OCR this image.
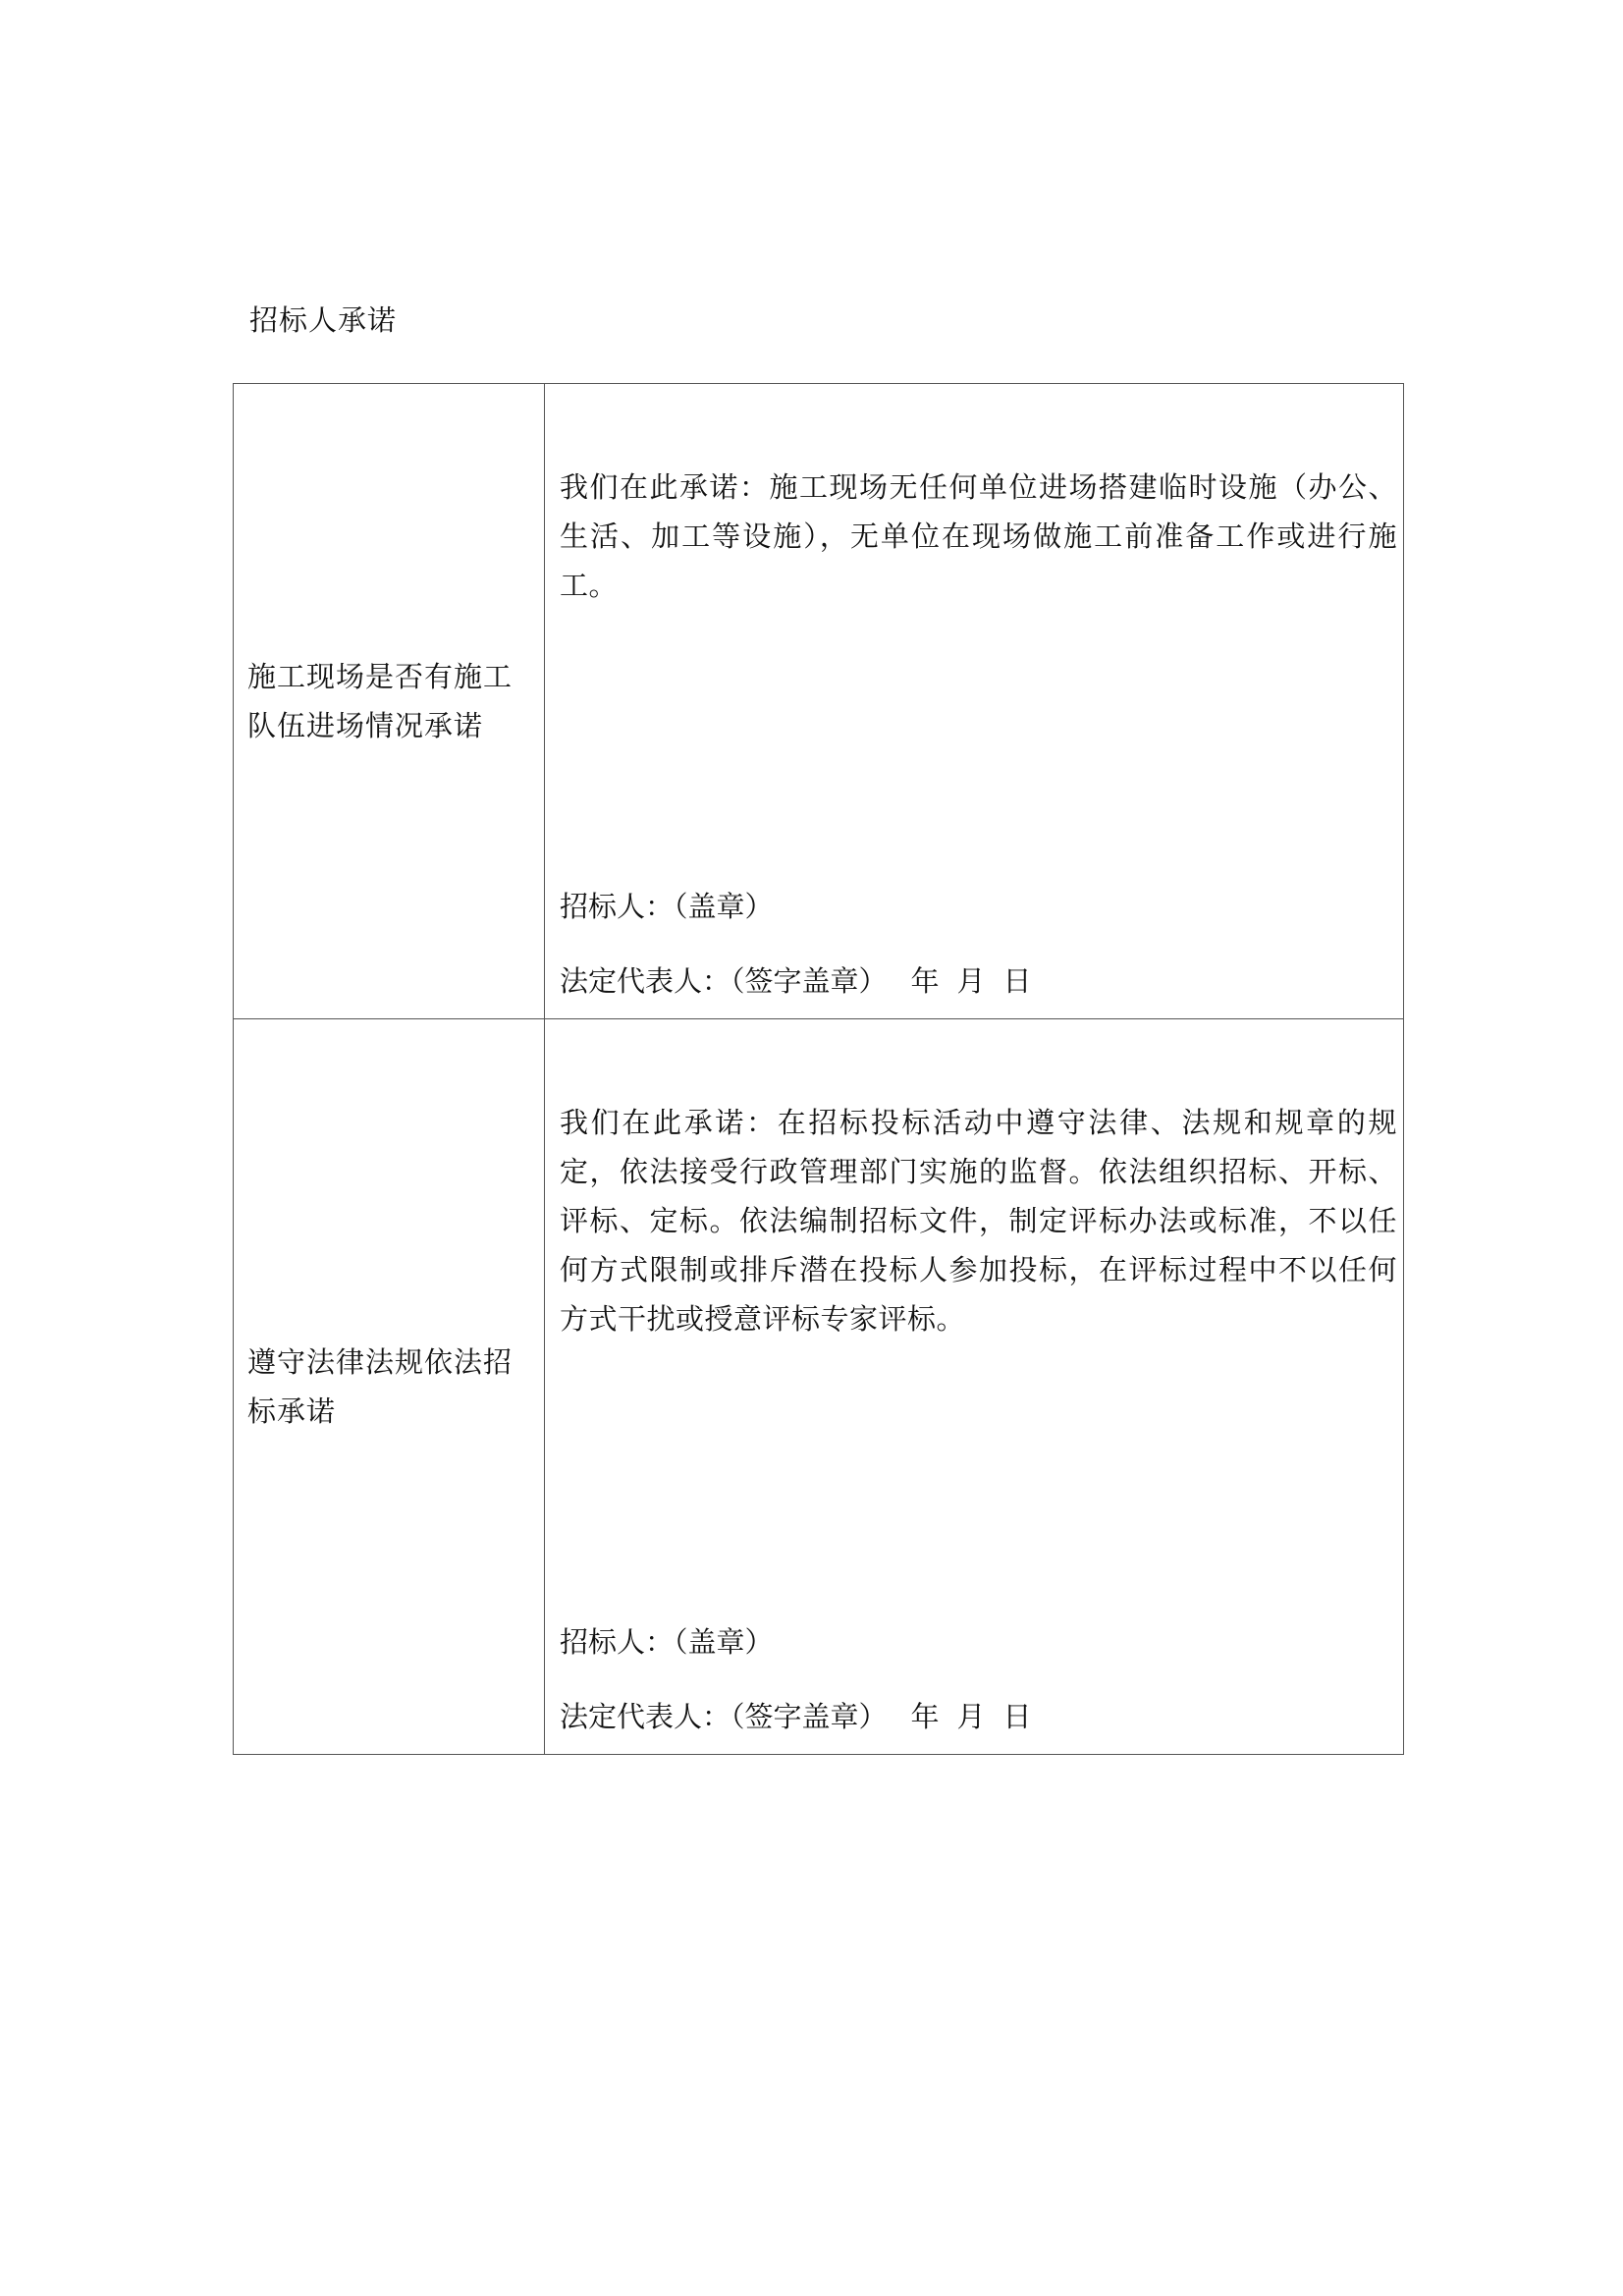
招标人承诺
施工现场是否有施工队伍进场情况承诺	我们在此承诺：施工现场无任何单位进场搭建临时设施（办公、生活、加工等设施），无单位在现场做施工前准备工作或进行施工。
招标人：（盖章）
法定代表人：（签字盖章） 年 月 日

遵守法律法规依法招标承诺	我们在此承诺：在招标投标活动中遵守法律、法规和规章的规定，依法接受行政管理部门实施的监督。依法组织招标、开标、评标、定标。依法编制招标文件，制定评标办法或标准，不以任何方式限制或排斥潜在投标人参加投标，在评标过程中不以任何方式干扰或授意评标专家评标。
招标人：（盖章）
法定代表人：（签字盖章） 年 月 日
